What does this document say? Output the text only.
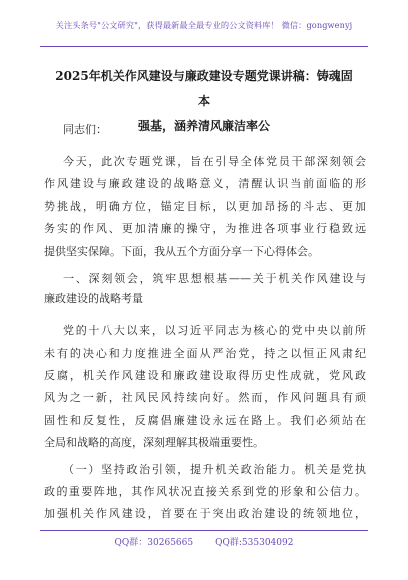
关注头条号"公文研究"，获得最新最全最专业的公文资料库！ 微信：gongwenyj
2025年机关作风建设与廉政建设专题党课讲稿：铸魂固本
强基，涵养清风廉洁率公
同志们：
今天，此次专题党课，旨在引导全体党员干部深刻领会
作风建设与廉政建设的战略意义，清醒认识当前面临的形
势挑战，明确方位，锚定目标，以更加昂扬的斗志、更加
务实的作风、更加清廉的操守，为推进各项事业行稳致远
提供坚实保障。下面，我从五个方面分享一下心得体会。
一、深刻领会，筑牢思想根基——关于机关作风建设与
廉政建设的战略考量
党的十八大以来，以习近平同志为核心的党中央以前所
未有的决心和力度推进全面从严治党，持之以恒正风肃纪
反腐，机关作风建设和廉政建设取得历史性成就，党风政
风为之一新，社风民风持续向好。然而，作风问题具有顽
固性和反复性，反腐倡廉建设永远在路上。我们必须站在
全局和战略的高度，深刻理解其极端重要性。
（一）坚持政治引领，提升机关政治能力。机关是党执
政的重要阵地，其作风状况直接关系到党的形象和公信力。
加强机关作风建设，首要在于突出政治建设的统领地位，
QQ群：30265665 QQ群:535304092
